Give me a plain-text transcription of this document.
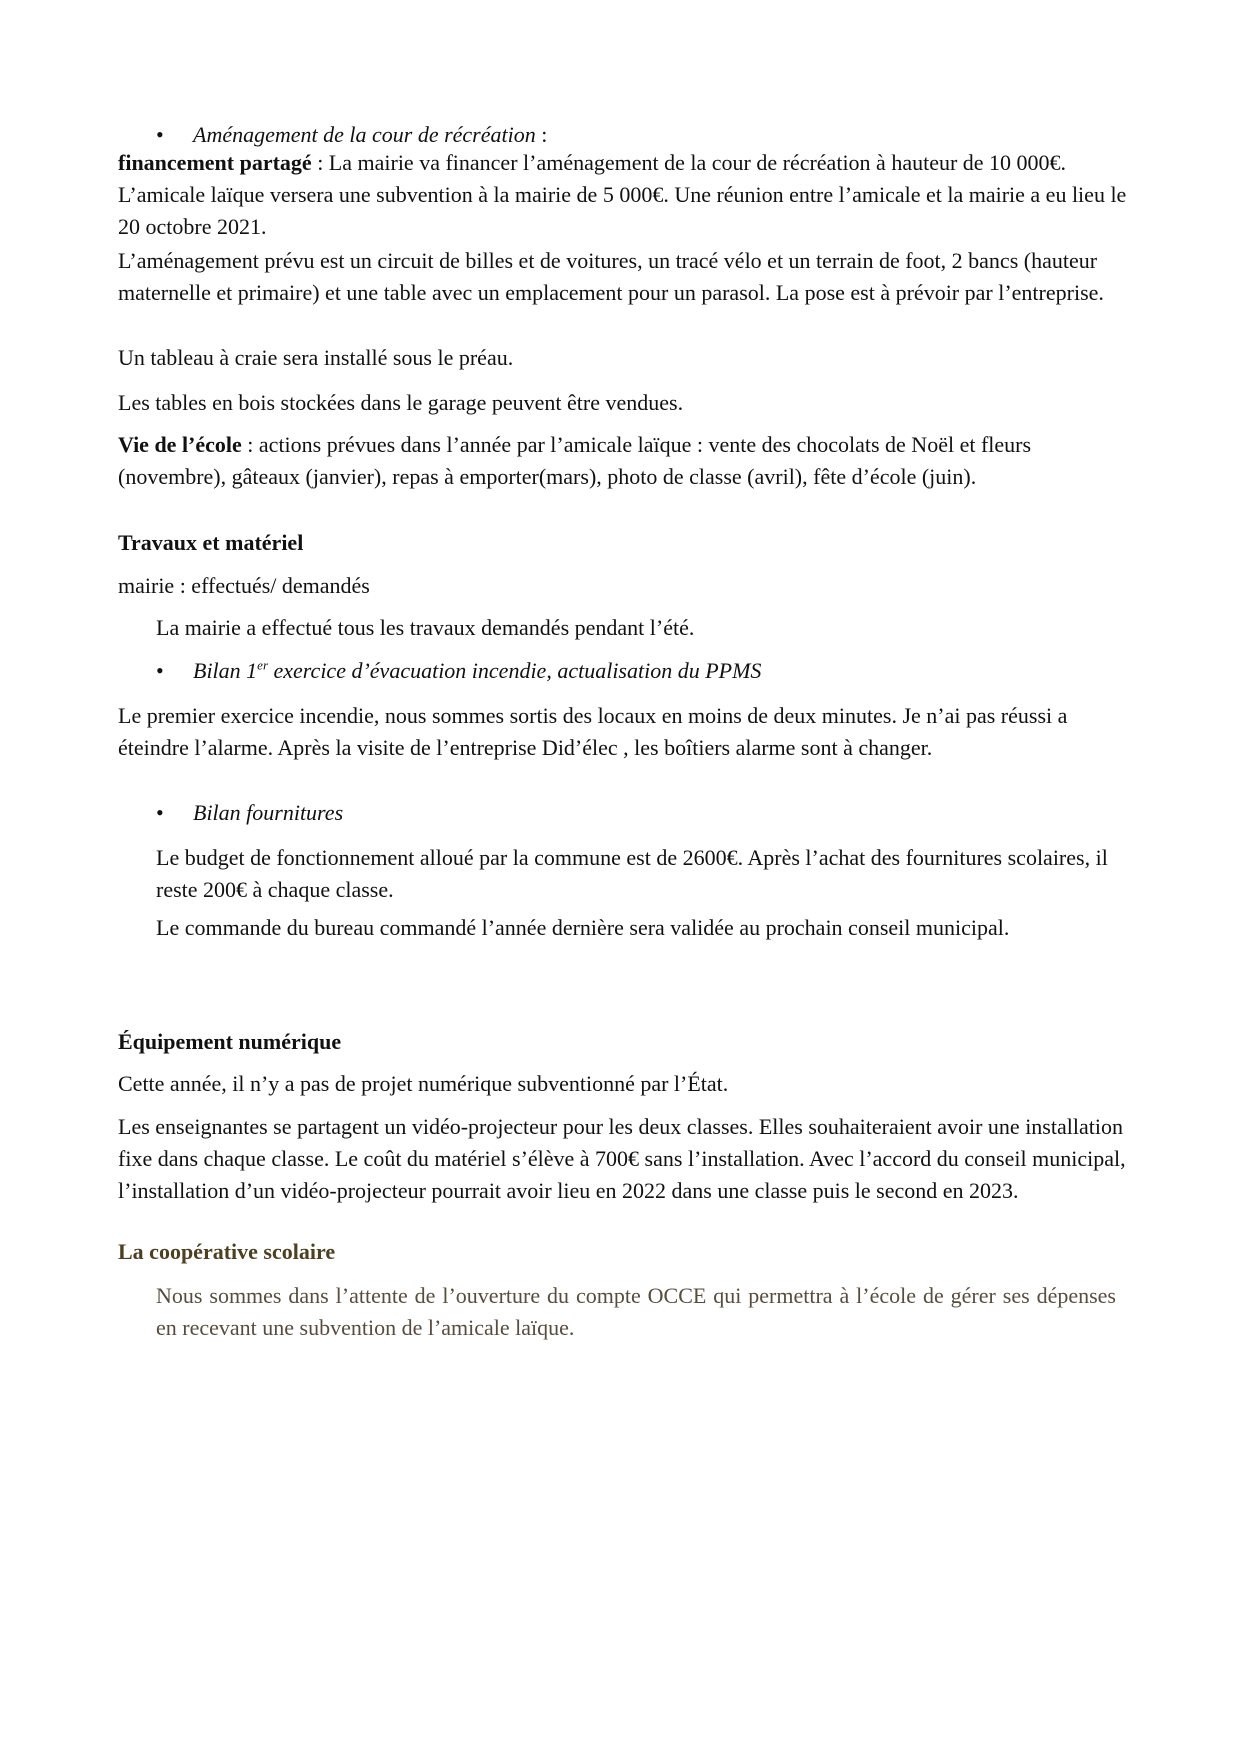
• Aménagement de la cour de récréation :

financement partagé : La mairie va financer l’aménagement de la cour de récréation à hauteur de 10 000€. L’amicale laïque versera une subvention à la mairie de 5 000€. Une réunion entre l’amicale et la mairie a eu lieu le 20 octobre 2021.

L’aménagement prévu est un circuit de billes et de voitures, un tracé vélo et un terrain de foot, 2 bancs (hauteur maternelle et primaire) et une table avec un emplacement pour un parasol. La pose est à prévoir par l’entreprise.

Un tableau à craie sera installé sous le préau.

Les tables en bois stockées dans le garage peuvent être vendues.

Vie de l’école : actions prévues dans l’année par l’amicale laïque : vente des chocolats de Noël et fleurs (novembre), gâteaux (janvier), repas à emporter(mars), photo de classe (avril), fête d’école (juin).

Travaux et matériel

mairie : effectués/ demandés

La mairie a effectué tous les travaux demandés pendant l’été.

• Bilan 1er exercice d’évacuation incendie, actualisation du PPMS

Le premier exercice incendie, nous sommes sortis des locaux en moins de deux minutes. Je n’ai pas réussi a éteindre l’alarme. Après la visite de l’entreprise Did’élec , les boîtiers alarme sont à changer.

• Bilan fournitures

Le budget de fonctionnement alloué par la commune est de 2600€. Après l’achat des fournitures scolaires, il reste 200€ à chaque classe.

Le commande du bureau commandé l’année dernière sera validée au prochain conseil municipal.

Équipement numérique

Cette année, il n’y a pas de projet numérique subventionné par l’État.

Les enseignantes se partagent un vidéo-projecteur pour les deux classes. Elles souhaiteraient avoir une installation fixe dans chaque classe. Le coût du matériel s’élève à 700€ sans l’installation. Avec l’accord du conseil municipal, l’installation d’un vidéo-projecteur pourrait avoir lieu en 2022 dans une classe puis le second en 2023.

La coopérative scolaire

Nous sommes dans l’attente de l’ouverture du compte OCCE qui permettra à l’école de gérer ses dépenses en recevant une subvention de l’amicale laïque.
